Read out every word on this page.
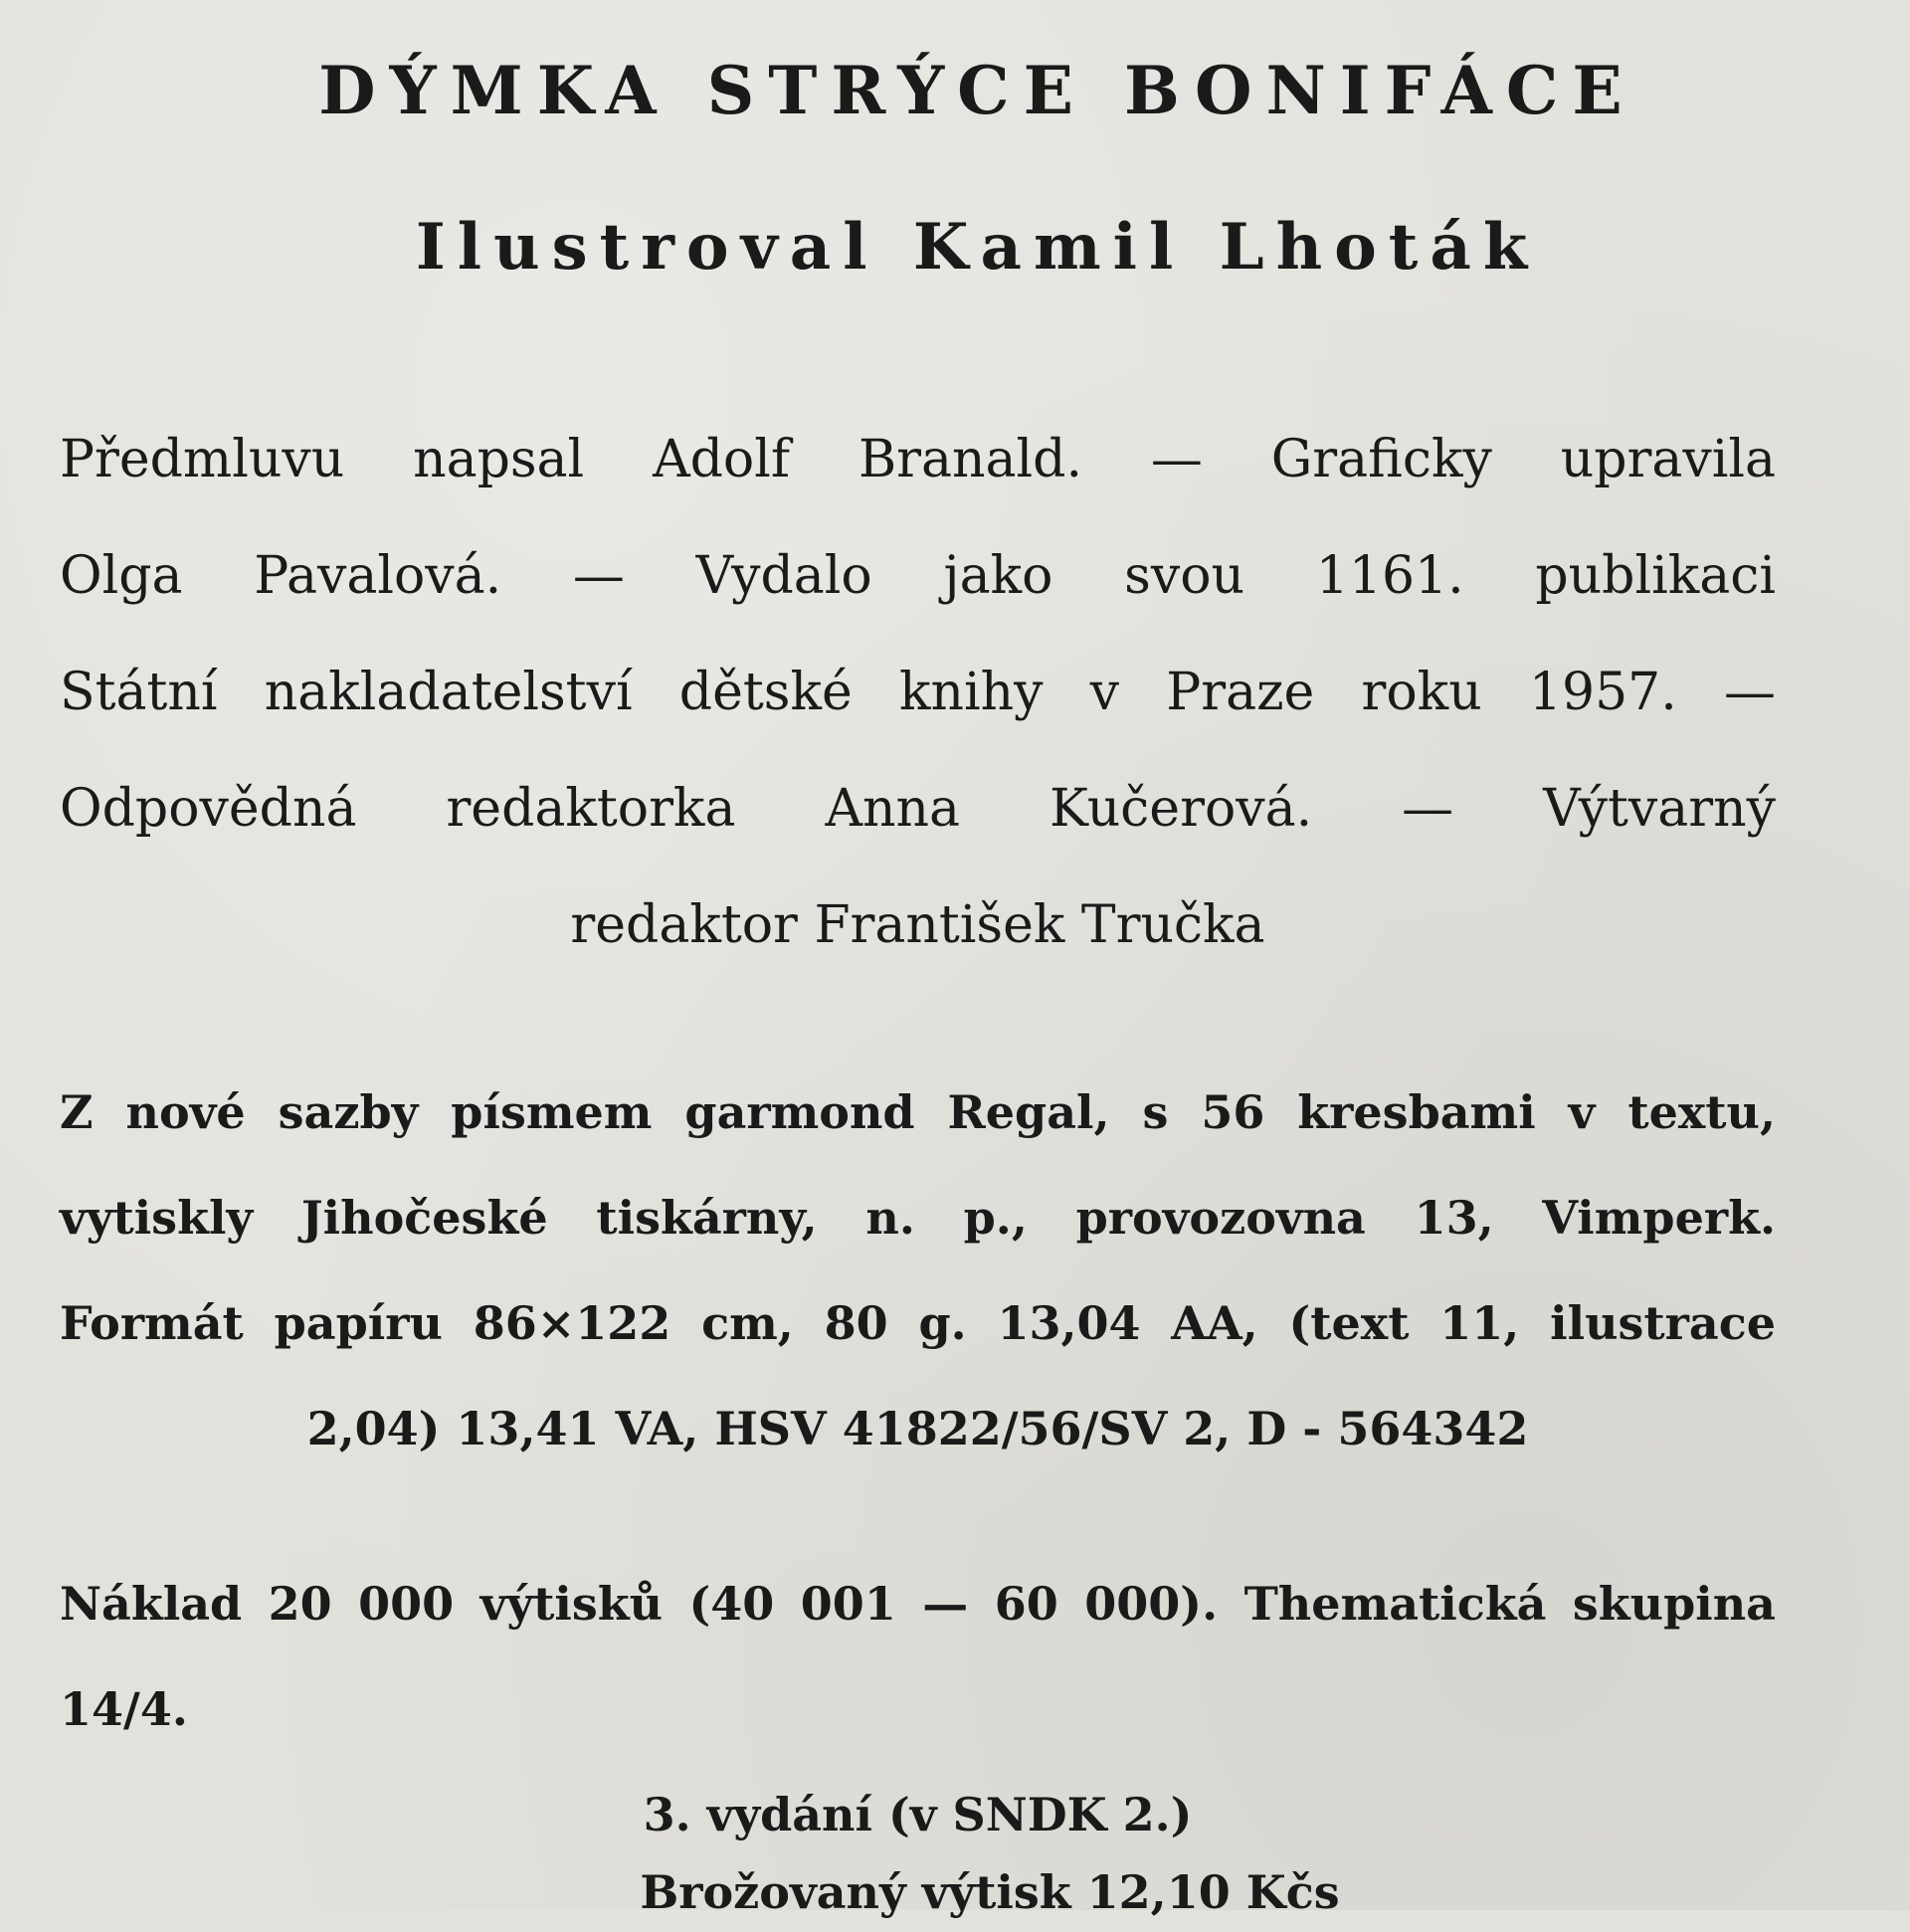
DÝMKA STRÝCE BONIFÁCE
Ilustroval Kamil Lhoták

Předmluvu napsal Adolf Branald. — Graficky upravila

Olga Pavalová. — Vydalo jako svou 1161. publikaci

Státní nakladatelství dětské knihy v Praze roku 1957. —

Odpovědná redaktorka Anna Kučerová. — Výtvarný

redaktor František Tručka

Z nové sazby písmem garmond Regal, s 56 kresbami v textu,

vytiskly Jihočeské tiskárny, n. p., provozovna 13, Vimperk.

Formát papíru 86×122 cm, 80 g. 13,04 AA, (text 11, ilustrace

2,04) 13,41 VA, HSV 41822/56/SV 2, D - 564342

Náklad 20 000 výtisků (40 001 — 60 000). Thematická skupina 14/4.

3. vydání (v SNDK 2.)

Brožovaný výtisk 12,10 Kčs
